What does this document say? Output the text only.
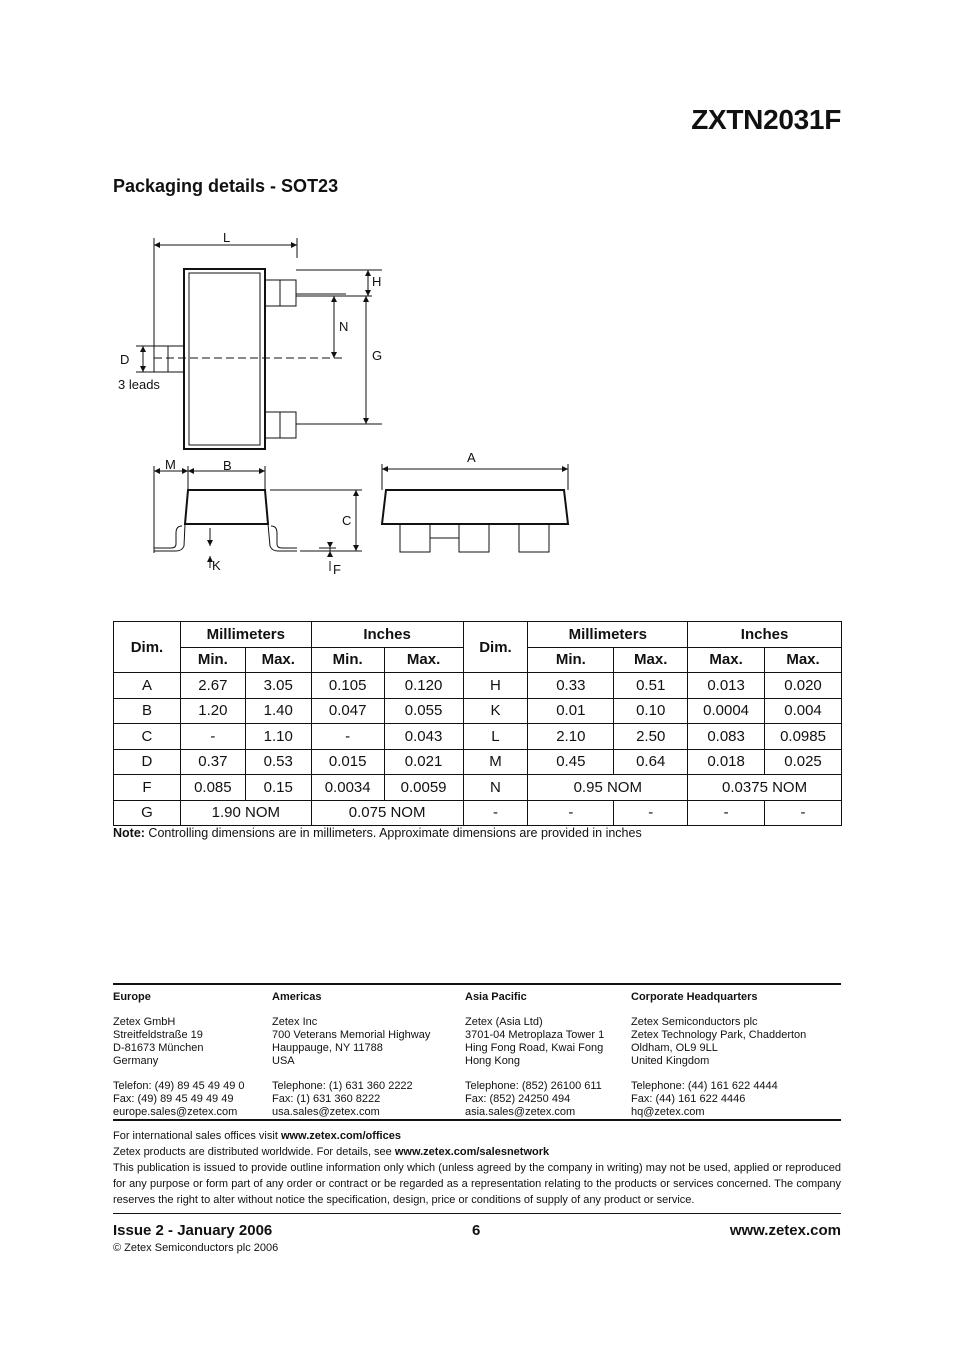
ZXTN2031F
Packaging details - SOT23
L
H
N
G
D
3 leads
M	B
A
C
K	F
Dim.	Millimeters		Inches		Dim.	Millimeters		Inches	
	Min.	Max.	Min.	Max.		Min.	Max.	Max.	Max.
A	2.67	3.05	0.105	0.120	H	0.33	0.51	0.013	0.020
B	1.20	1.40	0.047	0.055	K	0.01	0.10	0.0004	0.004
C	-	1.10	-	0.043	L	2.10	2.50	0.083	0.0985
D	0.37	0.53	0.015	0.021	M	0.45	0.64	0.018	0.025
F	0.085	0.15	0.0034	0.0059	N	0.95 NOM		0.0375 NOM	
G	1.90 NOM		0.075 NOM		-	-	-	-	-
Note: Controlling dimensions are in millimeters. Approximate dimensions are provided in inches
Europe
Zetex GmbH
Streitfeldstraße 19
D-81673 München
Germany
Telefon: (49) 89 45 49 49 0
Fax: (49) 89 45 49 49 49
europe.sales@zetex.com
Americas
Zetex Inc
700 Veterans Memorial Highway
Hauppauge, NY 11788
USA
Telephone: (1) 631 360 2222
Fax: (1) 631 360 8222
usa.sales@zetex.com
Asia Pacific
Zetex (Asia Ltd)
3701-04 Metroplaza Tower 1
Hing Fong Road, Kwai Fong
Hong Kong
Telephone: (852) 26100 611
Fax: (852) 24250 494
asia.sales@zetex.com
Corporate Headquarters
Zetex Semiconductors plc
Zetex Technology Park, Chadderton
Oldham, OL9 9LL
United Kingdom
Telephone: (44) 161 622 4444
Fax: (44) 161 622 4446
hq@zetex.com
For international sales offices visit www.zetex.com/offices
Zetex products are distributed worldwide. For details, see www.zetex.com/salesnetwork
This publication is issued to provide outline information only which (unless agreed by the company in writing) may not be used, applied or reproduced for any purpose or form part of any order or contract or be regarded as a representation relating to the products or services concerned. The company reserves the right to alter without notice the specification, design, price or conditions of supply of any product or service.
Issue 2 - January 2006	6	www.zetex.com
© Zetex Semiconductors plc 2006
